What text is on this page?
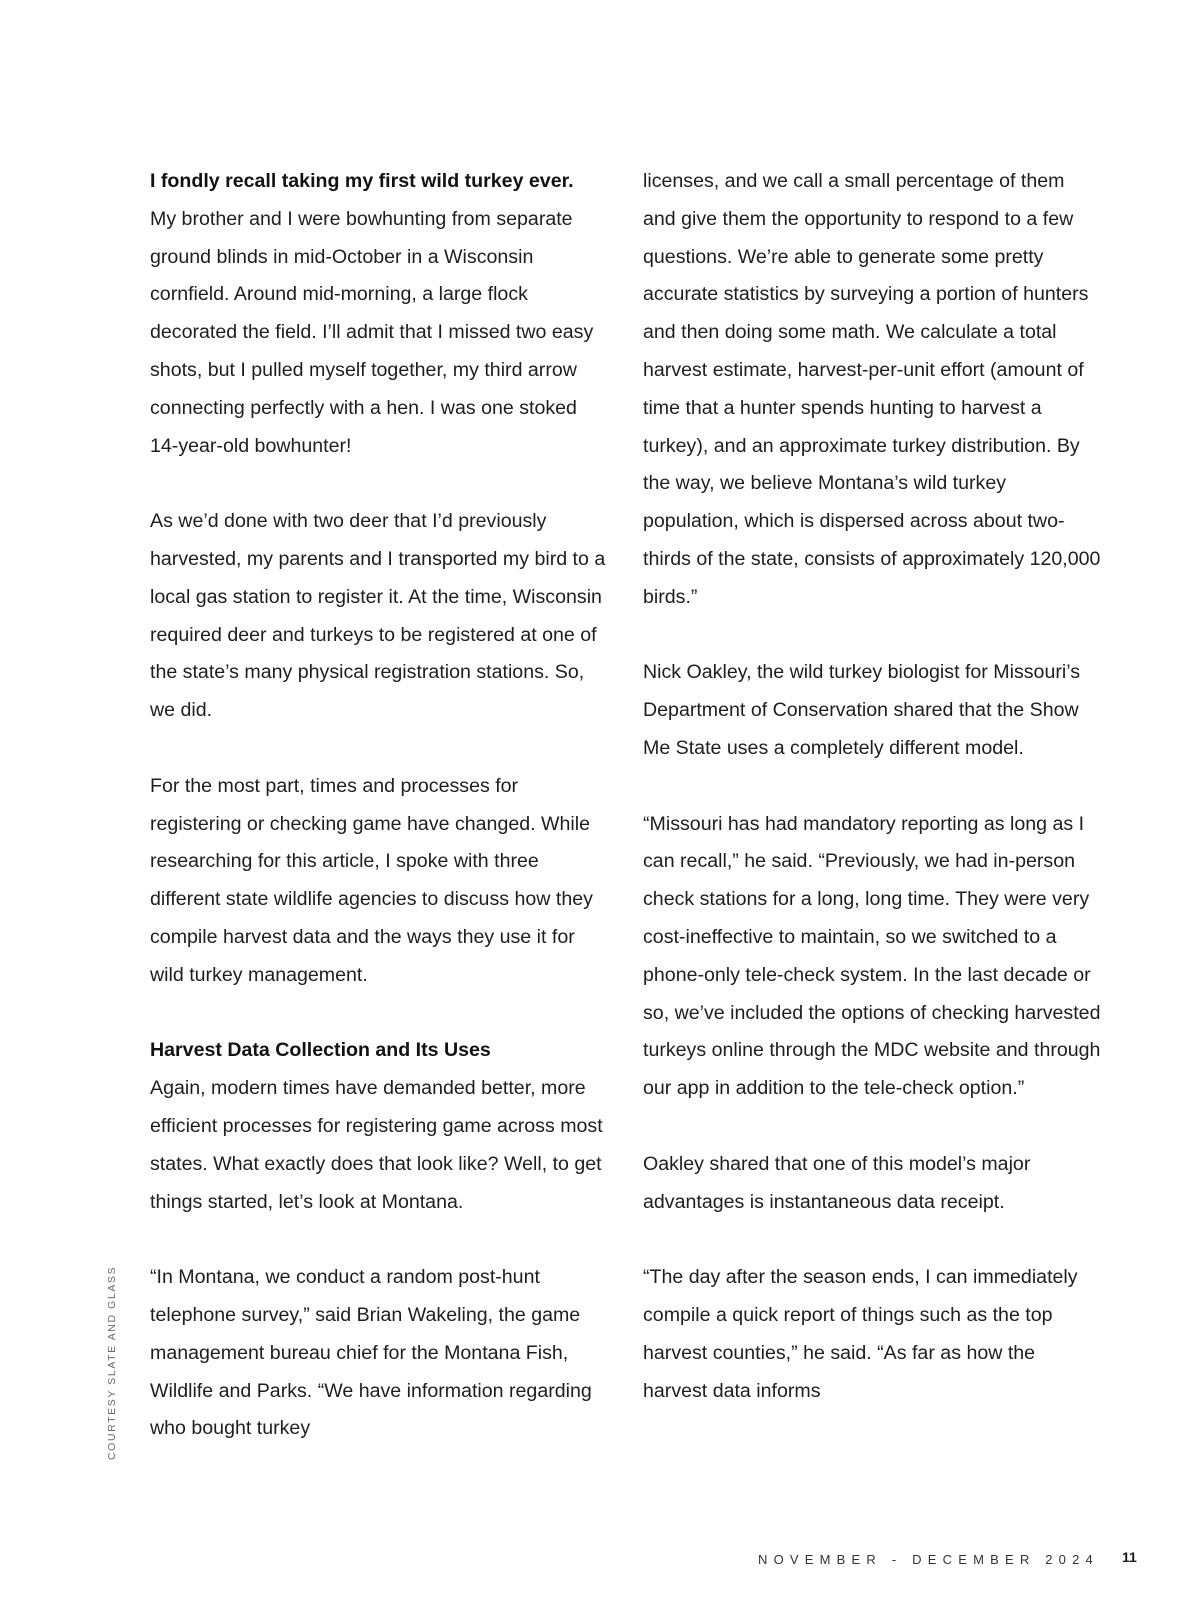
I fondly recall taking my first wild turkey ever.
My brother and I were bowhunting from separate ground blinds in mid-October in a Wisconsin cornfield. Around mid-morning, a large flock decorated the field. I’ll admit that I missed two easy shots, but I pulled myself together, my third arrow connecting perfectly with a hen. I was one stoked 14-year-old bowhunter!

As we’d done with two deer that I’d previously harvested, my parents and I transported my bird to a local gas station to register it. At the time, Wisconsin required deer and turkeys to be registered at one of the state’s many physical registration stations. So, we did.

For the most part, times and processes for registering or checking game have changed. While researching for this article, I spoke with three different state wildlife agencies to discuss how they compile harvest data and the ways they use it for wild turkey management.

Harvest Data Collection and Its Uses
Again, modern times have demanded better, more efficient processes for registering game across most states. What exactly does that look like? Well, to get things started, let’s look at Montana.

“In Montana, we conduct a random post-hunt telephone survey,” said Brian Wakeling, the game management bureau chief for the Montana Fish, Wildlife and Parks. “We have information regarding who bought turkey

licenses, and we call a small percentage of them and give them the opportunity to respond to a few questions. We’re able to generate some pretty accurate statistics by surveying a portion of hunters and then doing some math. We calculate a total harvest estimate, harvest-per-unit effort (amount of time that a hunter spends hunting to harvest a turkey), and an approximate turkey distribution. By the way, we believe Montana’s wild turkey population, which is dispersed across about two-thirds of the state, consists of approximately 120,000 birds.”

Nick Oakley, the wild turkey biologist for Missouri’s Department of Conservation shared that the Show Me State uses a completely different model.

“Missouri has had mandatory reporting as long as I can recall,” he said. “Previously, we had in-person check stations for a long, long time. They were very cost-ineffective to maintain, so we switched to a phone-only tele-check system. In the last decade or so, we’ve included the options of checking harvested turkeys online through the MDC website and through our app in addition to the tele-check option.”

Oakley shared that one of this model’s major advantages is instantaneous data receipt.

“The day after the season ends, I can immediately compile a quick report of things such as the top harvest counties,” he said. “As far as how the harvest data informs

COURTESY SLATE AND GLASS
NOVEMBER - DECEMBER 2024 11
